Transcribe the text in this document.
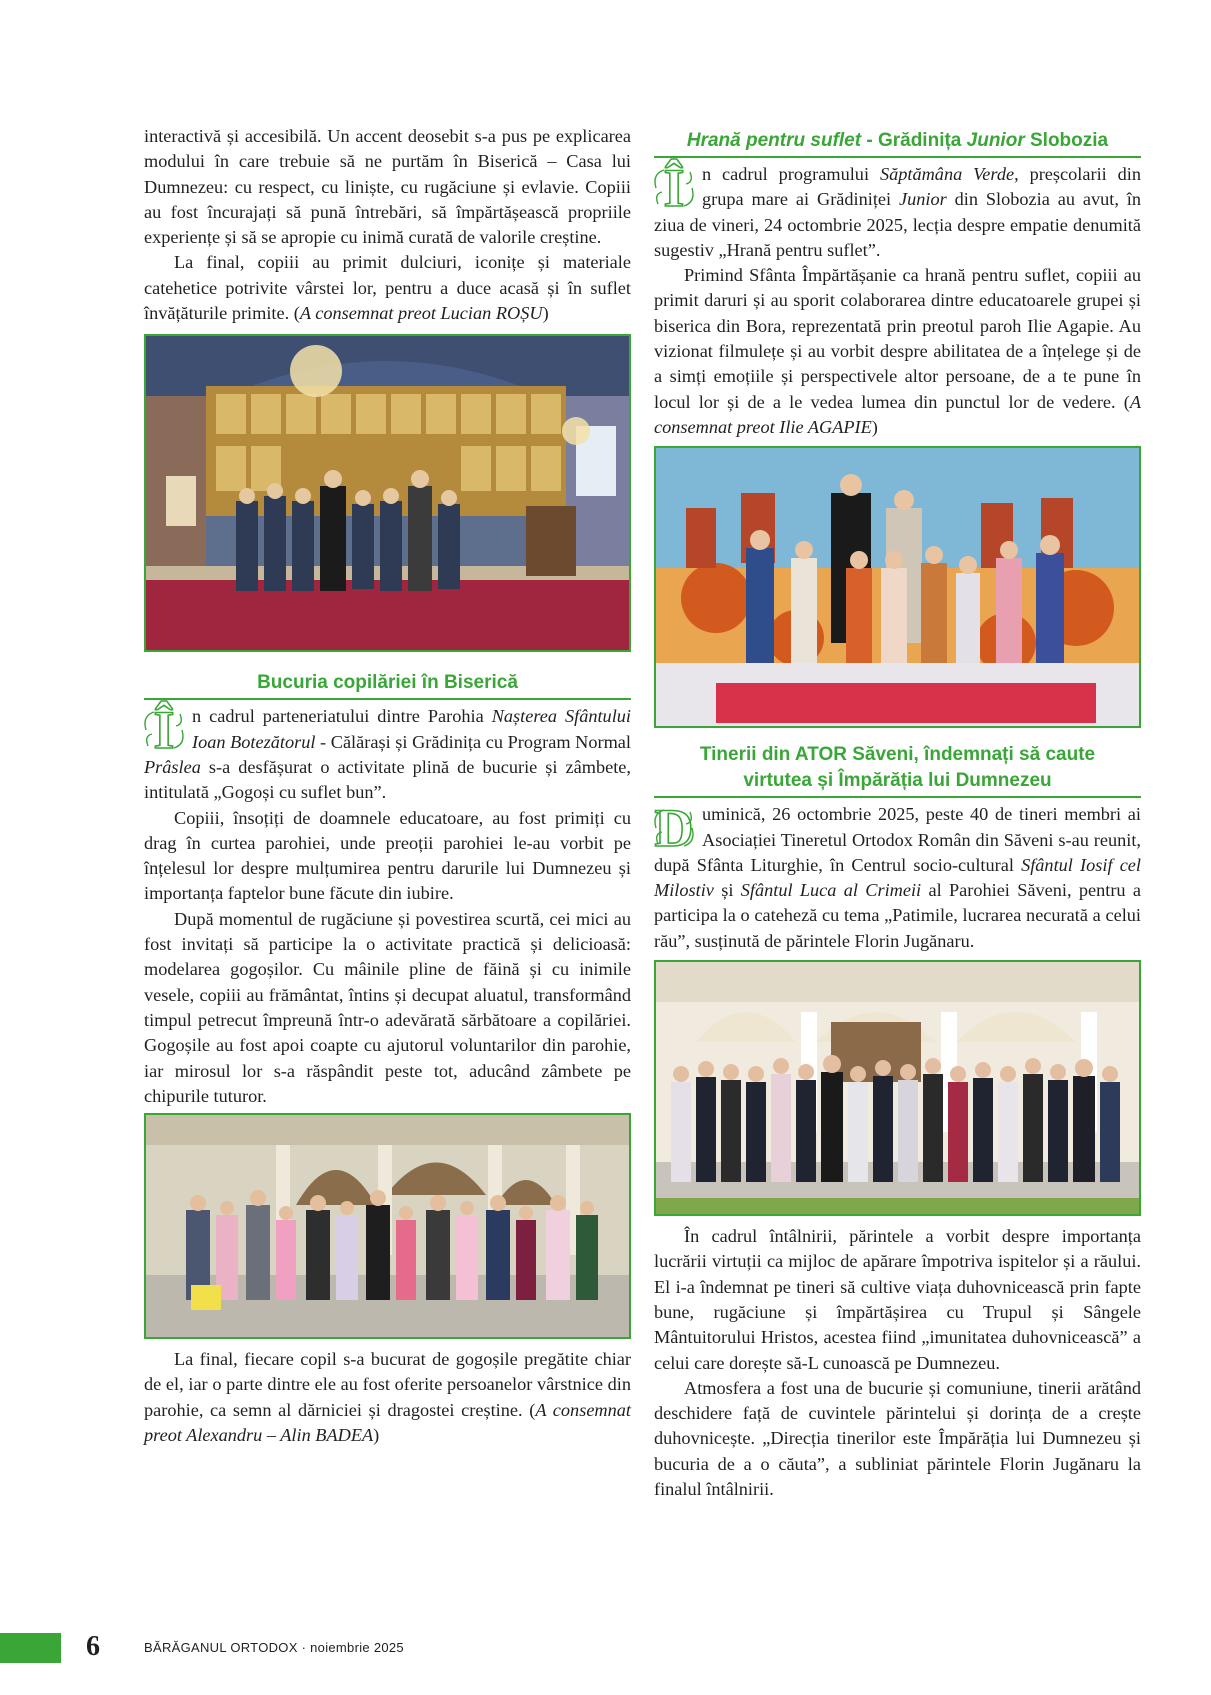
interactivă și accesibilă. Un accent deosebit s-a pus pe explicarea modului în care trebuie să ne purtăm în Biserică – Casa lui Dumnezeu: cu respect, cu liniște, cu rugăciune și evlavie. Copiii au fost încurajați să pună întrebări, să împărtășească propriile experiențe și să se apropie cu inimă curată de valorile creștine.

La final, copiii au primit dulciuri, iconițe și materiale catehetice potrivite vârstei lor, pentru a duce acasă și în suflet învățăturile primite. (A consemnat preot Lucian ROȘU)

Bucuria copilăriei în Biserică

Î n cadrul parteneriatului dintre Parohia Nașterea Sfântului Ioan Botezătorul - Călărași și Grădinița cu Program Normal Prâslea s-a desfășurat o activitate plină de bucurie și zâmbete, intitulată „Gogoși cu suflet bun”.

Copiii, însoțiți de doamnele educatoare, au fost primiți cu drag în curtea parohiei, unde preoții parohiei le-au vorbit pe înțelesul lor despre mulțumirea pentru darurile lui Dumnezeu și importanța faptelor bune făcute din iubire.

După momentul de rugăciune și povestirea scurtă, cei mici au fost invitați să participe la o activitate practică și delicioasă: modelarea gogoșilor. Cu mâinile pline de făină și cu inimile vesele, copiii au frământat, întins și decupat aluatul, transformând timpul petrecut împreună într-o adevărată sărbătoare a copilăriei. Gogoșile au fost apoi coapte cu ajutorul voluntarilor din parohie, iar mirosul lor s-a răspândit peste tot, aducând zâmbete pe chipurile tuturor.

La final, fiecare copil s-a bucurat de gogoșile pregătite chiar de el, iar o parte dintre ele au fost oferite persoanelor vârstnice din parohie, ca semn al dărniciei și dragostei creștine. (A consemnat preot Alexandru – Alin BADEA)

Hrană pentru suflet - Grădinița Junior Slobozia

Î n cadrul programului Săptămâna Verde, preșcolarii din grupa mare ai Grădiniței Junior din Slobozia au avut, în ziua de vineri, 24 octombrie 2025, lecția despre empatie denumită sugestiv „Hrană pentru suflet”.

Primind Sfânta Împărtășanie ca hrană pentru suflet, copiii au primit daruri și au sporit colaborarea dintre educatoarele grupei și biserica din Bora, reprezentată prin preotul paroh Ilie Agapie. Au vizionat filmulețe și au vorbit despre abilitatea de a înțelege și de a simți emoțiile și perspectivele altor persoane, de a te pune în locul lor și de a le vedea lumea din punctul lor de vedere. (A consemnat preot Ilie AGAPIE)

Tinerii din ATOR Săveni, îndemnați să caute
virtutea și Împărăția lui Dumnezeu

D uminică, 26 octombrie 2025, peste 40 de tineri membri ai Asociației Tineretul Ortodox Român din Săveni s-au reunit, după Sfânta Liturghie, în Centrul socio-cultural Sfântul Iosif cel Milostiv și Sfântul Luca al Crimeii al Parohiei Săveni, pentru a participa la o cateheză cu tema „Patimile, lucrarea necurată a celui rău”, susținută de părintele Florin Jugănaru.

În cadrul întâlnirii, părintele a vorbit despre importanța lucrării virtuții ca mijloc de apărare împotriva ispitelor și a răului. El i-a îndemnat pe tineri să cultive viața duhovnicească prin fapte bune, rugăciune și împărtășirea cu Trupul și Sângele Mântuitorului Hristos, acestea fiind „imunitatea duhovnicească” a celui care dorește să-L cunoască pe Dumnezeu.

Atmosfera a fost una de bucurie și comuniune, tinerii arătând deschidere față de cuvintele părintelui și dorința de a crește duhovnicește. „Direcția tinerilor este Împărăția lui Dumnezeu și bucuria de a o căuta”, a subliniat părintele Florin Jugănaru la finalul întâlnirii.

6	BĂRĂGANUL ORTODOX · noiembrie 2025
